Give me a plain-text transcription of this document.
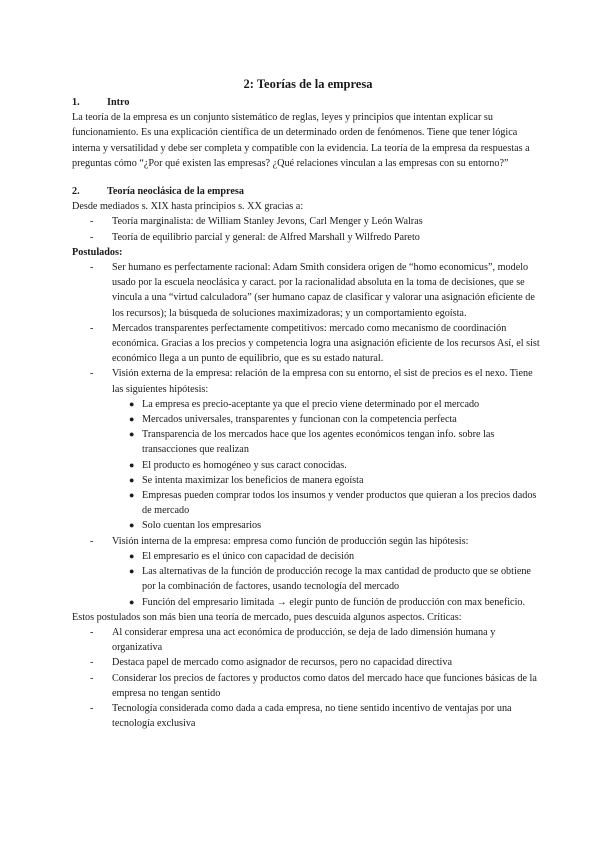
2: Teorías de la empresa
1.	Intro

La teoría de la empresa es un conjunto sistemático de reglas, leyes y principios que intentan explicar su funcionamiento. Es una explicación científica de un determinado orden de fenómenos. Tiene que tener lógica interna y versatilidad y debe ser completa y compatible con la evidencia. La teoría de la empresa da respuestas a preguntas cómo “¿Por qué existen las empresas? ¿Qué relaciones vinculan a las empresas con su entorno?”

2.	Teoría neoclásica de la empresa

Desde mediados s. XIX hasta principios s. XX gracias a:

- Teoría marginalista: de William Stanley Jevons, Carl Menger y León Walras
- Teoría de equilibrio parcial y general: de Alfred Marshall y Wilfredo Pareto

Postulados:

- Ser humano es perfectamente racional: Adam Smith considera origen de “homo economicus”, modelo usado por la escuela neoclásica y caract. por la racionalidad absoluta en la toma de decisiones, que se vincula a una “virtud calculadora” (ser humano capaz de clasificar y valorar una asignación eficiente de los recursos); la búsqueda de soluciones maximizadoras; y un comportamiento egoísta.
- Mercados transparentes perfectamente competitivos: mercado como mecanismo de coordinación económica. Gracias a los precios y competencia logra una asignación eficiente de los recursos Así, el sist económico llega a un punto de equilibrio, que es su estado natural.
- Visión externa de la empresa: relación de la empresa con su entorno, el sist de precios es el nexo. Tiene las siguientes hipótesis:
● La empresa es precio-aceptante ya que el precio viene determinado por el mercado
● Mercados universales, transparentes y funcionan con la competencia perfecta
● Transparencia de los mercados hace que los agentes económicos tengan info. sobre las transacciones que realizan
● El producto es homogéneo y sus caract conocidas.
● Se intenta maximizar los beneficios de manera egoísta
● Empresas pueden comprar todos los insumos y vender productos que quieran a los precios dados de mercado
● Solo cuentan los empresarios
- Visión interna de la empresa: empresa como función de producción según las hipótesis:
● El empresario es el único con capacidad de decisión
● Las alternativas de la función de producción recoge la max cantidad de producto que se obtiene por la combinación de factores, usando tecnología del mercado
● Función del empresario limitada → elegir punto de función de producción con max beneficio.

Estos postulados son más bien una teoría de mercado, pues descuida algunos aspectos. Críticas:

- Al considerar empresa una act económica de producción, se deja de lado dimensión humana y organizativa
- Destaca papel de mercado como asignador de recursos, pero no capacidad directiva
- Considerar los precios de factores y productos como datos del mercado hace que funciones básicas de la empresa no tengan sentido
- Tecnología considerada como dada a cada empresa, no tiene sentido incentivo de ventajas por una tecnología exclusiva
